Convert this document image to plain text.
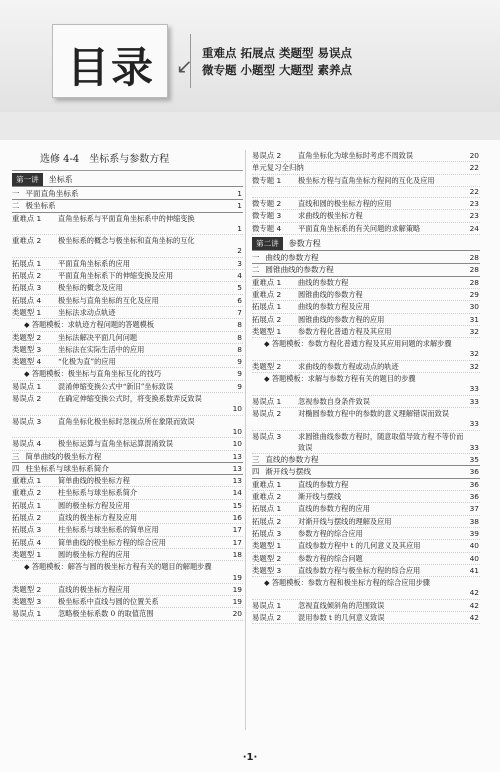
目录 ↙
重难点 拓展点 类题型 易误点
微专题 小题型 大题型 素养点
选修 4-4　坐标系与参数方程
第一讲	坐标系
一 平面直角坐标系	1
二 极坐标系	1
重难点 1	直角坐标系与平面直角坐标系中的伸缩变换
1
重难点 2	极坐标系的概念与极坐标和直角坐标的互化
2
拓展点 1	平面直角坐标系的应用	3
拓展点 2	平面直角坐标系下的伸缩变换及应用	4
拓展点 3	极坐标的概念及应用	5
拓展点 4	极坐标与直角坐标的互化及应用	6
类题型 1	坐标法求动点轨迹	7
◆ 答题模板：求轨迹方程问题的答题模板	8
类题型 2	坐标法解决平面几何问题	8
类题型 3	坐标法在实际生活中的应用	8
类题型 4	“化极为直”的应用	9
◆ 答题模板：极坐标与直角坐标互化的技巧	9
易误点 1	混淆伸缩变换公式中“新旧”坐标致误	9
易误点 2	在确定伸缩变换公式时，将变换系数弄反致误
10
易误点 3	直角坐标化极坐标时忽视点所在象限而致误
10
易误点 4	极坐标运算与直角坐标运算混淆致误	10
三 简单曲线的极坐标方程	13
四 柱坐标系与球坐标系简介	13
重难点 1	简单曲线的极坐标方程	13
重难点 2	柱坐标系与球坐标系简介	14
拓展点 1	圆的极坐标方程及应用	15
拓展点 2	直线的极坐标方程及应用	16
拓展点 3	柱坐标系与球坐标系的简单应用	17
拓展点 4	简单曲线的极坐标方程的综合应用	17
类题型 1	圆的极坐标方程的应用	18
◆ 答题模板：解答与圆的极坐标方程有关的题目的解题步骤
19
类题型 2	直线的极坐标方程应用	19
类题型 3	极坐标系中直线与圆的位置关系	19
易误点 1	忽略极坐标系数 0 的取值范围	20
易误点 2	直角坐标化为球坐标时考虑不周致误	20
单元复习全归纳	22
微专题 1	极坐标方程与直角坐标方程间的互化及应用
22
微专题 2	直线和圆的极坐标方程的应用	23
微专题 3	求曲线的极坐标方程	23
微专题 4	平面直角坐标系的有关问题的求解策略	24
第二讲	参数方程
一 曲线的参数方程	28
二 圆锥曲线的参数方程	28
重难点 1	曲线的参数方程	28
重难点 2	圆锥曲线的参数方程	29
拓展点 1	曲线的参数方程及应用	30
拓展点 2	圆锥曲线的参数方程的应用	31
类题型 1	参数方程化普通方程及其应用	32
◆ 答题模板：参数方程化普通方程及其应用问题的求解步骤
32
类题型 2	求曲线的参数方程或动点的轨迹	32
◆ 答题模板：求解与参数方程有关的题目的步骤
33
易误点 1	忽视参数自身条件致误	33
易误点 2	对椭圆参数方程中的参数的意义理解错误而致误
33
易误点 3	求圆锥曲线参数方程时，随意取值导致方程不等价而致误	33
三 直线的参数方程	35
四 渐开线与摆线	36
重难点 1	直线的参数方程	36
重难点 2	渐开线与摆线	36
拓展点 1	直线的参数方程的应用	37
拓展点 2	对渐开线与摆线的理解及应用	38
拓展点 3	参数方程的综合应用	39
类题型 1	直线参数方程中 t 的几何意义及其应用	40
类题型 2	参数方程的综合问题	40
类题型 3	直线参数方程与极坐标方程的综合应用	41
◆ 答题模板：参数方程和极坐标方程的综合应用步骤
42
易误点 1	忽视直线倾斜角的范围致误	42
易误点 2	混用参数 t 的几何意义致误	42
·1·
